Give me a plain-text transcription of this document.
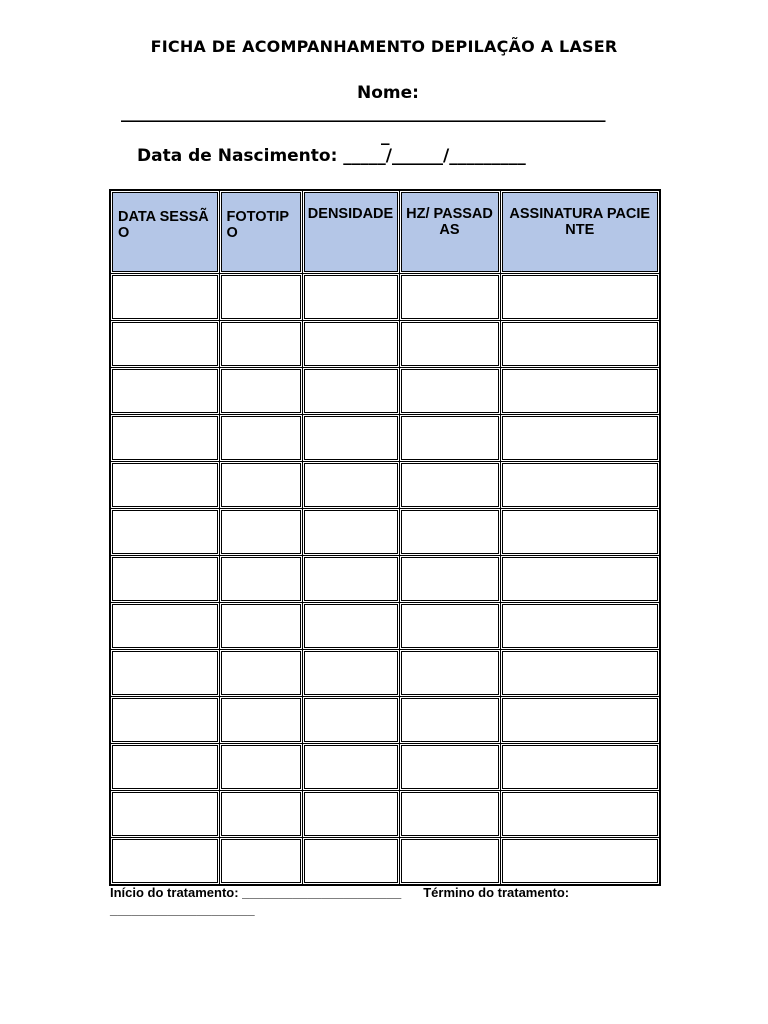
FICHA DE ACOMPANHAMENTO DEPILAÇÃO A LASER
Nome:
_________________________________________________________
_
Data de Nascimento: _____/______/_________
DATA SESSÃO	FOTOTIPO	DENSIDADE	HZ/ PASSADAS	ASSINATURA PACIENTE

Início do tratamento: ______________________ Término do tratamento:
____________________
